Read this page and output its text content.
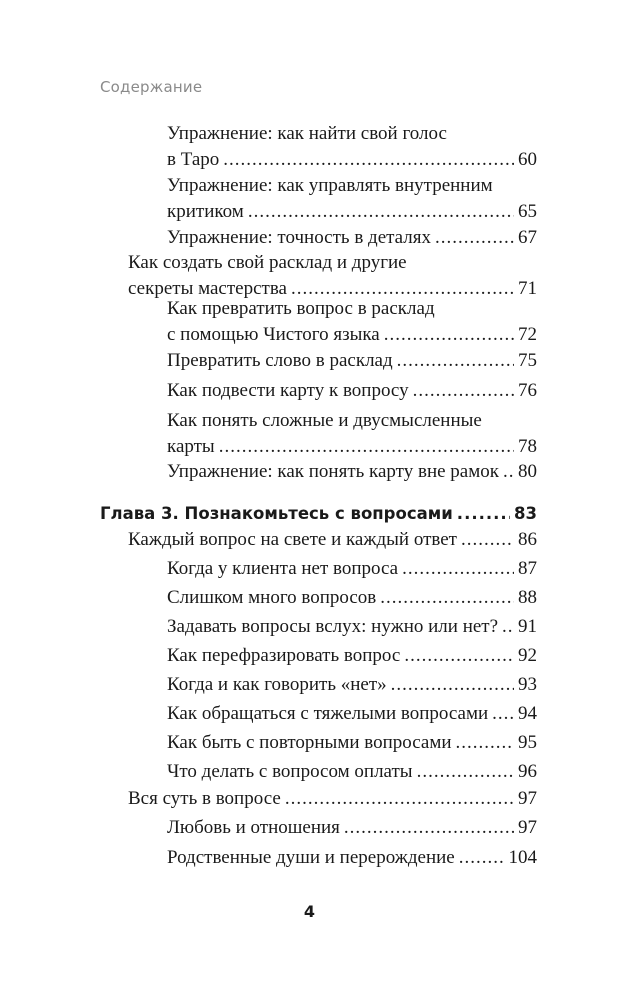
Содержание
Упражнение: как найти свой голос
в Таро .....	60
Упражнение: как управлять внутренним
критиком .....	65
Упражнение: точность в деталях .....	67
Как создать свой расклад и другие
секреты мастерства .....	71
Как превратить вопрос в расклад
с помощью Чистого языка .....	72
Превратить слово в расклад .....	75
Как подвести карту к вопросу .....	76
Как понять сложные и двусмысленные
карты .....	78
Упражнение: как понять карту вне рамок ..... 80
Глава 3. Познакомьтесь с вопросами .....	83
Каждый вопрос на свете и каждый ответ .....	86
Когда у клиента нет вопроса .....	87
Слишком много вопросов .....	88
Задавать вопросы вслух: нужно или нет? ..... 91
Как перефразировать вопрос .....	92
Когда и как говорить «нет» .....	93
Как обращаться с тяжелыми вопросами ..... 94
Как быть с повторными вопросами .....	95
Что делать с вопросом оплаты .....	96
Вся суть в вопросе .....	97
Любовь и отношения .....	97
Родственные души и перерождение .....	104
4
